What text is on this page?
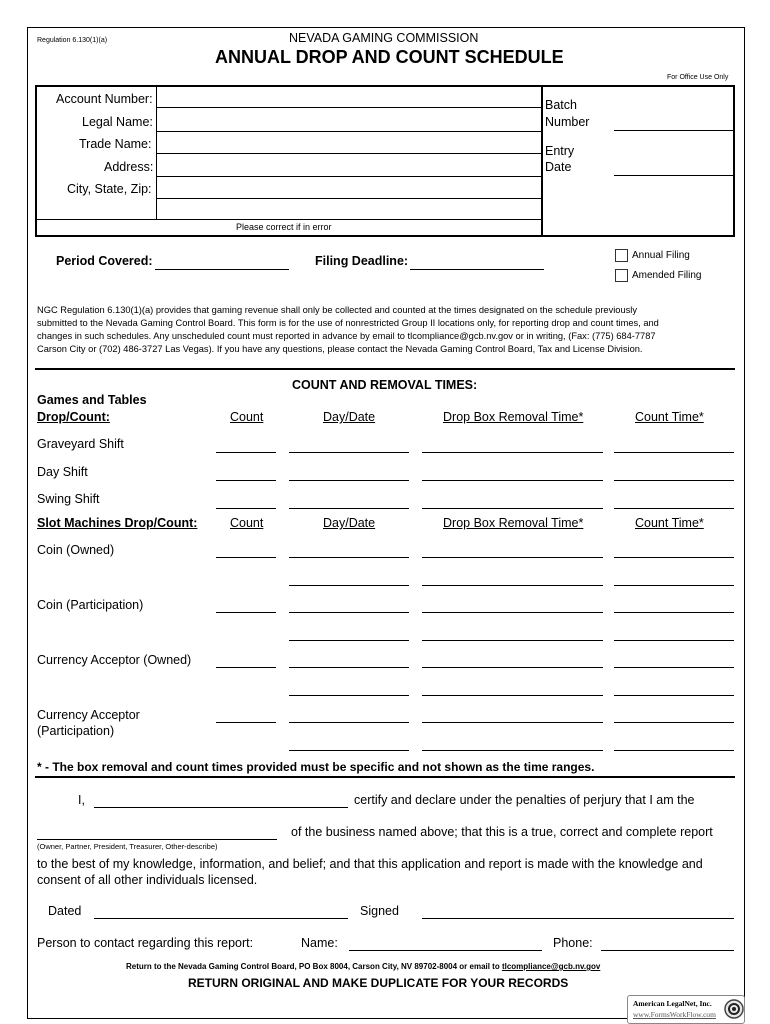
Regulation 6.130(1)(a)	NEVADA GAMING COMMISSION
ANNUAL DROP AND COUNT SCHEDULE
For Office Use Only
Account Number:
Legal Name:
Trade Name:
Address:
City, State, Zip:
Please correct if in error
Batch
Number
Entry
Date
Period Covered:	Filing Deadline:	Annual Filing
Amended Filing
NGC Regulation 6.130(1)(a) provides that gaming revenue shall only be collected and counted at the times designated on the schedule previously
submitted to the Nevada Gaming Control Board. This form is for the use of nonrestricted Group II locations only, for reporting drop and count times, and
changes in such schedules. Any unscheduled count must reported in advance by email to tlcompliance@gcb.nv.gov or in writing, (Fax: (775) 684-7787
Carson City or (702) 486-3727 Las Vegas). If you have any questions, please contact the Nevada Gaming Control Board, Tax and License Division.
COUNT AND REMOVAL TIMES:
Games and Tables
Drop/Count:	Count	Day/Date	Drop Box Removal Time*	Count Time*
Graveyard Shift
Day Shift
Swing Shift
Slot Machines Drop/Count:	Count	Day/Date	Drop Box Removal Time*	Count Time*
Coin (Owned)
Coin (Participation)
Currency Acceptor (Owned)
Currency Acceptor
(Participation)
* - The box removal and count times provided must be specific and not shown as the time ranges.
I,	certify and declare under the penalties of perjury that I am the
of the business named above; that this is a true, correct and complete report
(Owner, Partner, President, Treasurer, Other-describe)
to the best of my knowledge, information, and belief; and that this application and report is made with the knowledge and
consent of all other individuals licensed.
Dated	Signed
Person to contact regarding this report:	Name:	Phone:
Return to the Nevada Gaming Control Board, PO Box 8004, Carson City, NV 89702-8004 or email to tlcompliance@gcb.nv.gov
RETURN ORIGINAL AND MAKE DUPLICATE FOR YOUR RECORDS
American LegalNet, Inc.
www.FormsWorkFlow.com
